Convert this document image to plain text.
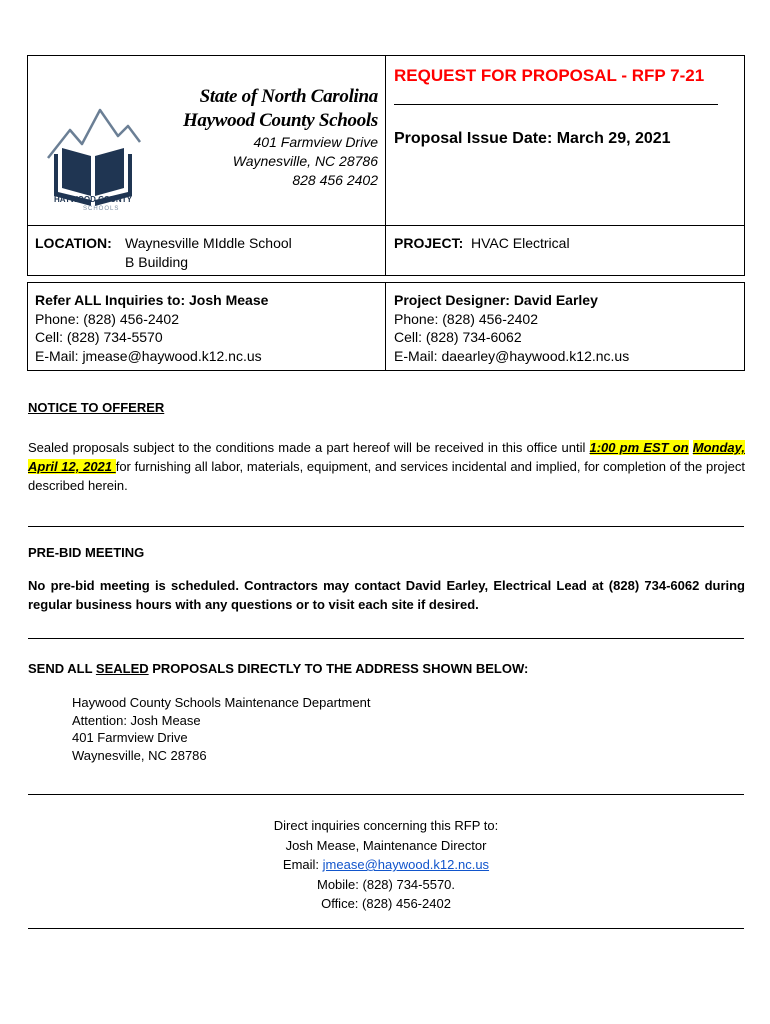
HAYWOOD COUNTY
SCHOOLS
State of North Carolina
Haywood County Schools
401 Farmview Drive
Waynesville, NC 28786
828 456 2402
REQUEST FOR PROPOSAL - RFP 7-21
Proposal Issue Date: March 29, 2021
LOCATION: Waynesville MIddle School
B Building
PROJECT: HVAC Electrical
Refer ALL Inquiries to: Josh Mease
Phone: (828) 456-2402
Cell: (828) 734-5570
E-Mail: jmease@haywood.k12.nc.us
Project Designer: David Earley
Phone: (828) 456-2402
Cell: (828) 734-6062
E-Mail: daearley@haywood.k12.nc.us
NOTICE TO OFFERER
Sealed proposals subject to the conditions made a part hereof will be received in this office until 1:00 pm EST on Monday, April 12, 2021 for furnishing all labor, materials, equipment, and services incidental and implied, for completion of the project described herein.
PRE-BID MEETING
No pre-bid meeting is scheduled. Contractors may contact David Earley, Electrical Lead at (828) 734-6062 during regular business hours with any questions or to visit each site if desired.
SEND ALL SEALED PROPOSALS DIRECTLY TO THE ADDRESS SHOWN BELOW:
Haywood County Schools Maintenance Department
Attention: Josh Mease
401 Farmview Drive
Waynesville, NC 28786
Direct inquiries concerning this RFP to:
Josh Mease, Maintenance Director
Email: jmease@haywood.k12.nc.us
Mobile: (828) 734-5570.
Office: (828) 456-2402
